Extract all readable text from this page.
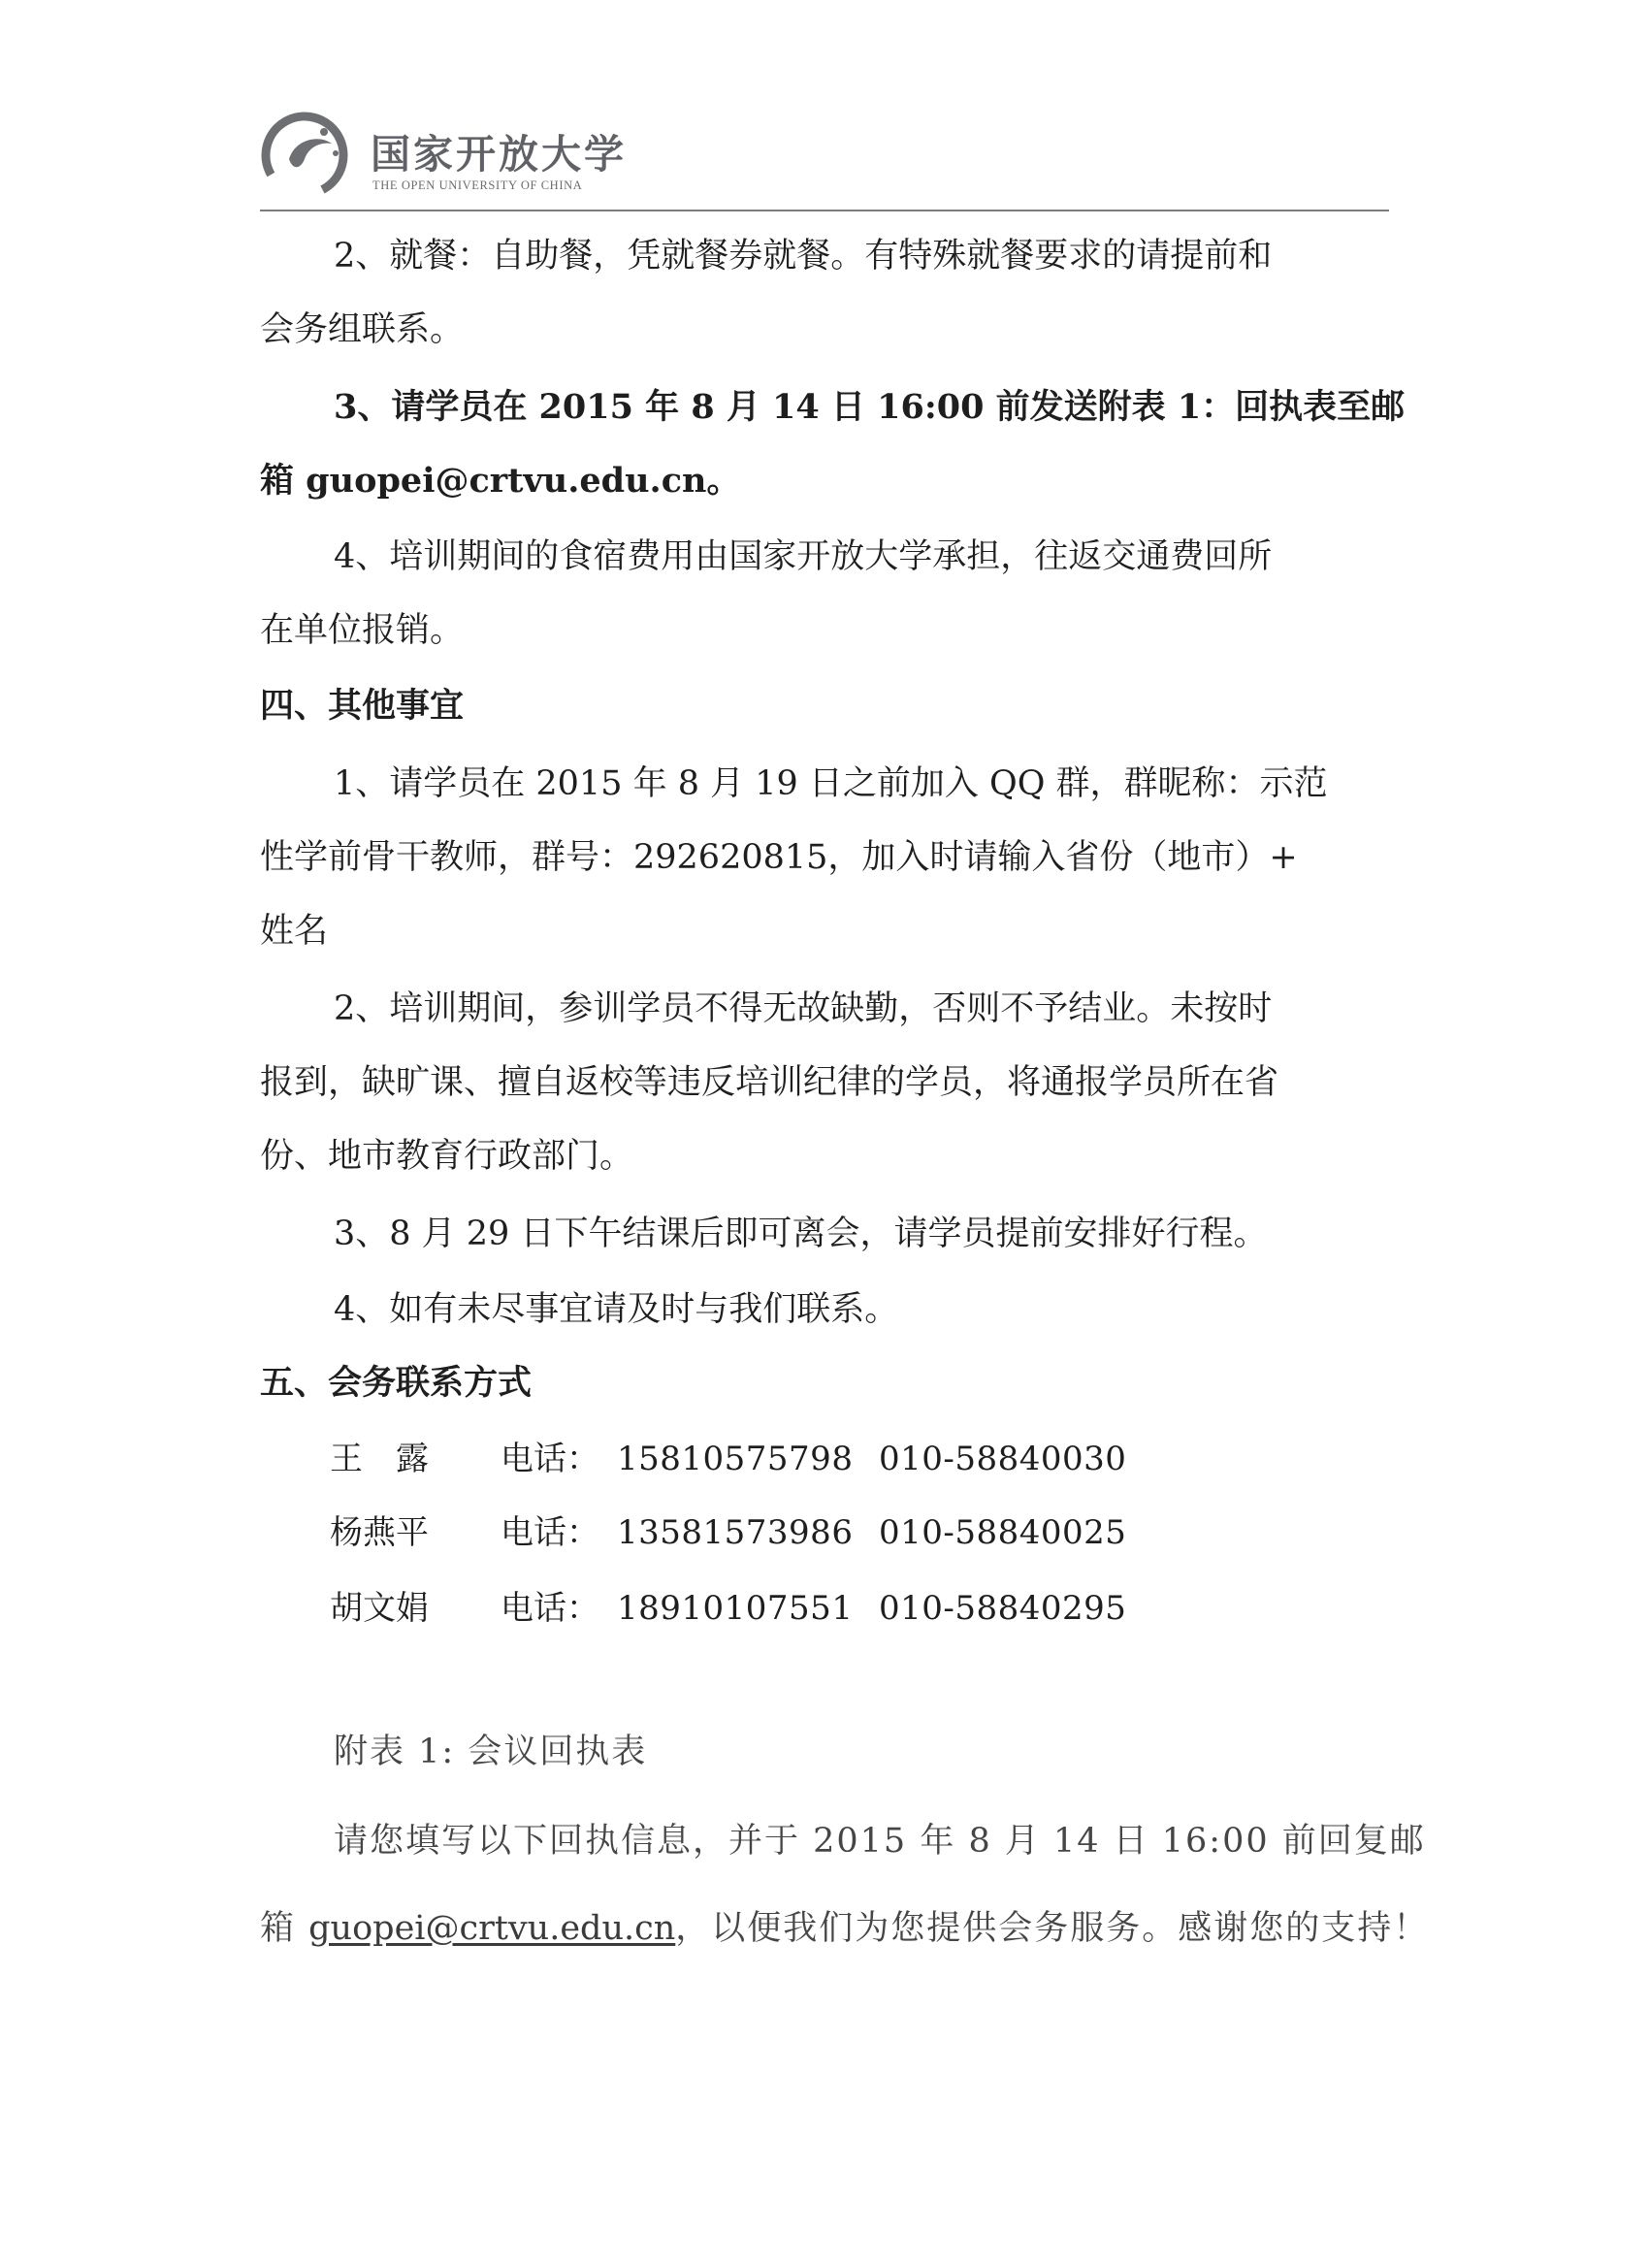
国家开放大学
THE OPEN UNIVERSITY OF CHINA
2、就餐：自助餐，凭就餐券就餐。有特殊就餐要求的请提前和
会务组联系。
3、请学员在 2015 年 8 月 14 日 16:00 前发送附表 1：回执表至邮
箱 guopei@crtvu.edu.cn。
4、培训期间的食宿费用由国家开放大学承担，往返交通费回所
在单位报销。
四、其他事宜
1、请学员在 2015 年 8 月 19 日之前加入 QQ 群，群昵称：示范
性学前骨干教师，群号：292620815，加入时请输入省份（地市）+
姓名
2、培训期间，参训学员不得无故缺勤，否则不予结业。未按时
报到，缺旷课、擅自返校等违反培训纪律的学员，将通报学员所在省
份、地市教育行政部门。
3、8 月 29 日下午结课后即可离会，请学员提前安排好行程。
4、如有未尽事宜请及时与我们联系。
五、会务联系方式
王　露 电话： 15810575798 010-58840030
杨燕平 电话： 13581573986 010-58840025
胡文娟 电话： 18910107551 010-58840295
附表 1: 会议回执表
请您填写以下回执信息，并于 2015 年 8 月 14 日 16:00 前回复邮
箱 guopei@crtvu.edu.cn，以便我们为您提供会务服务。感谢您的支持！
